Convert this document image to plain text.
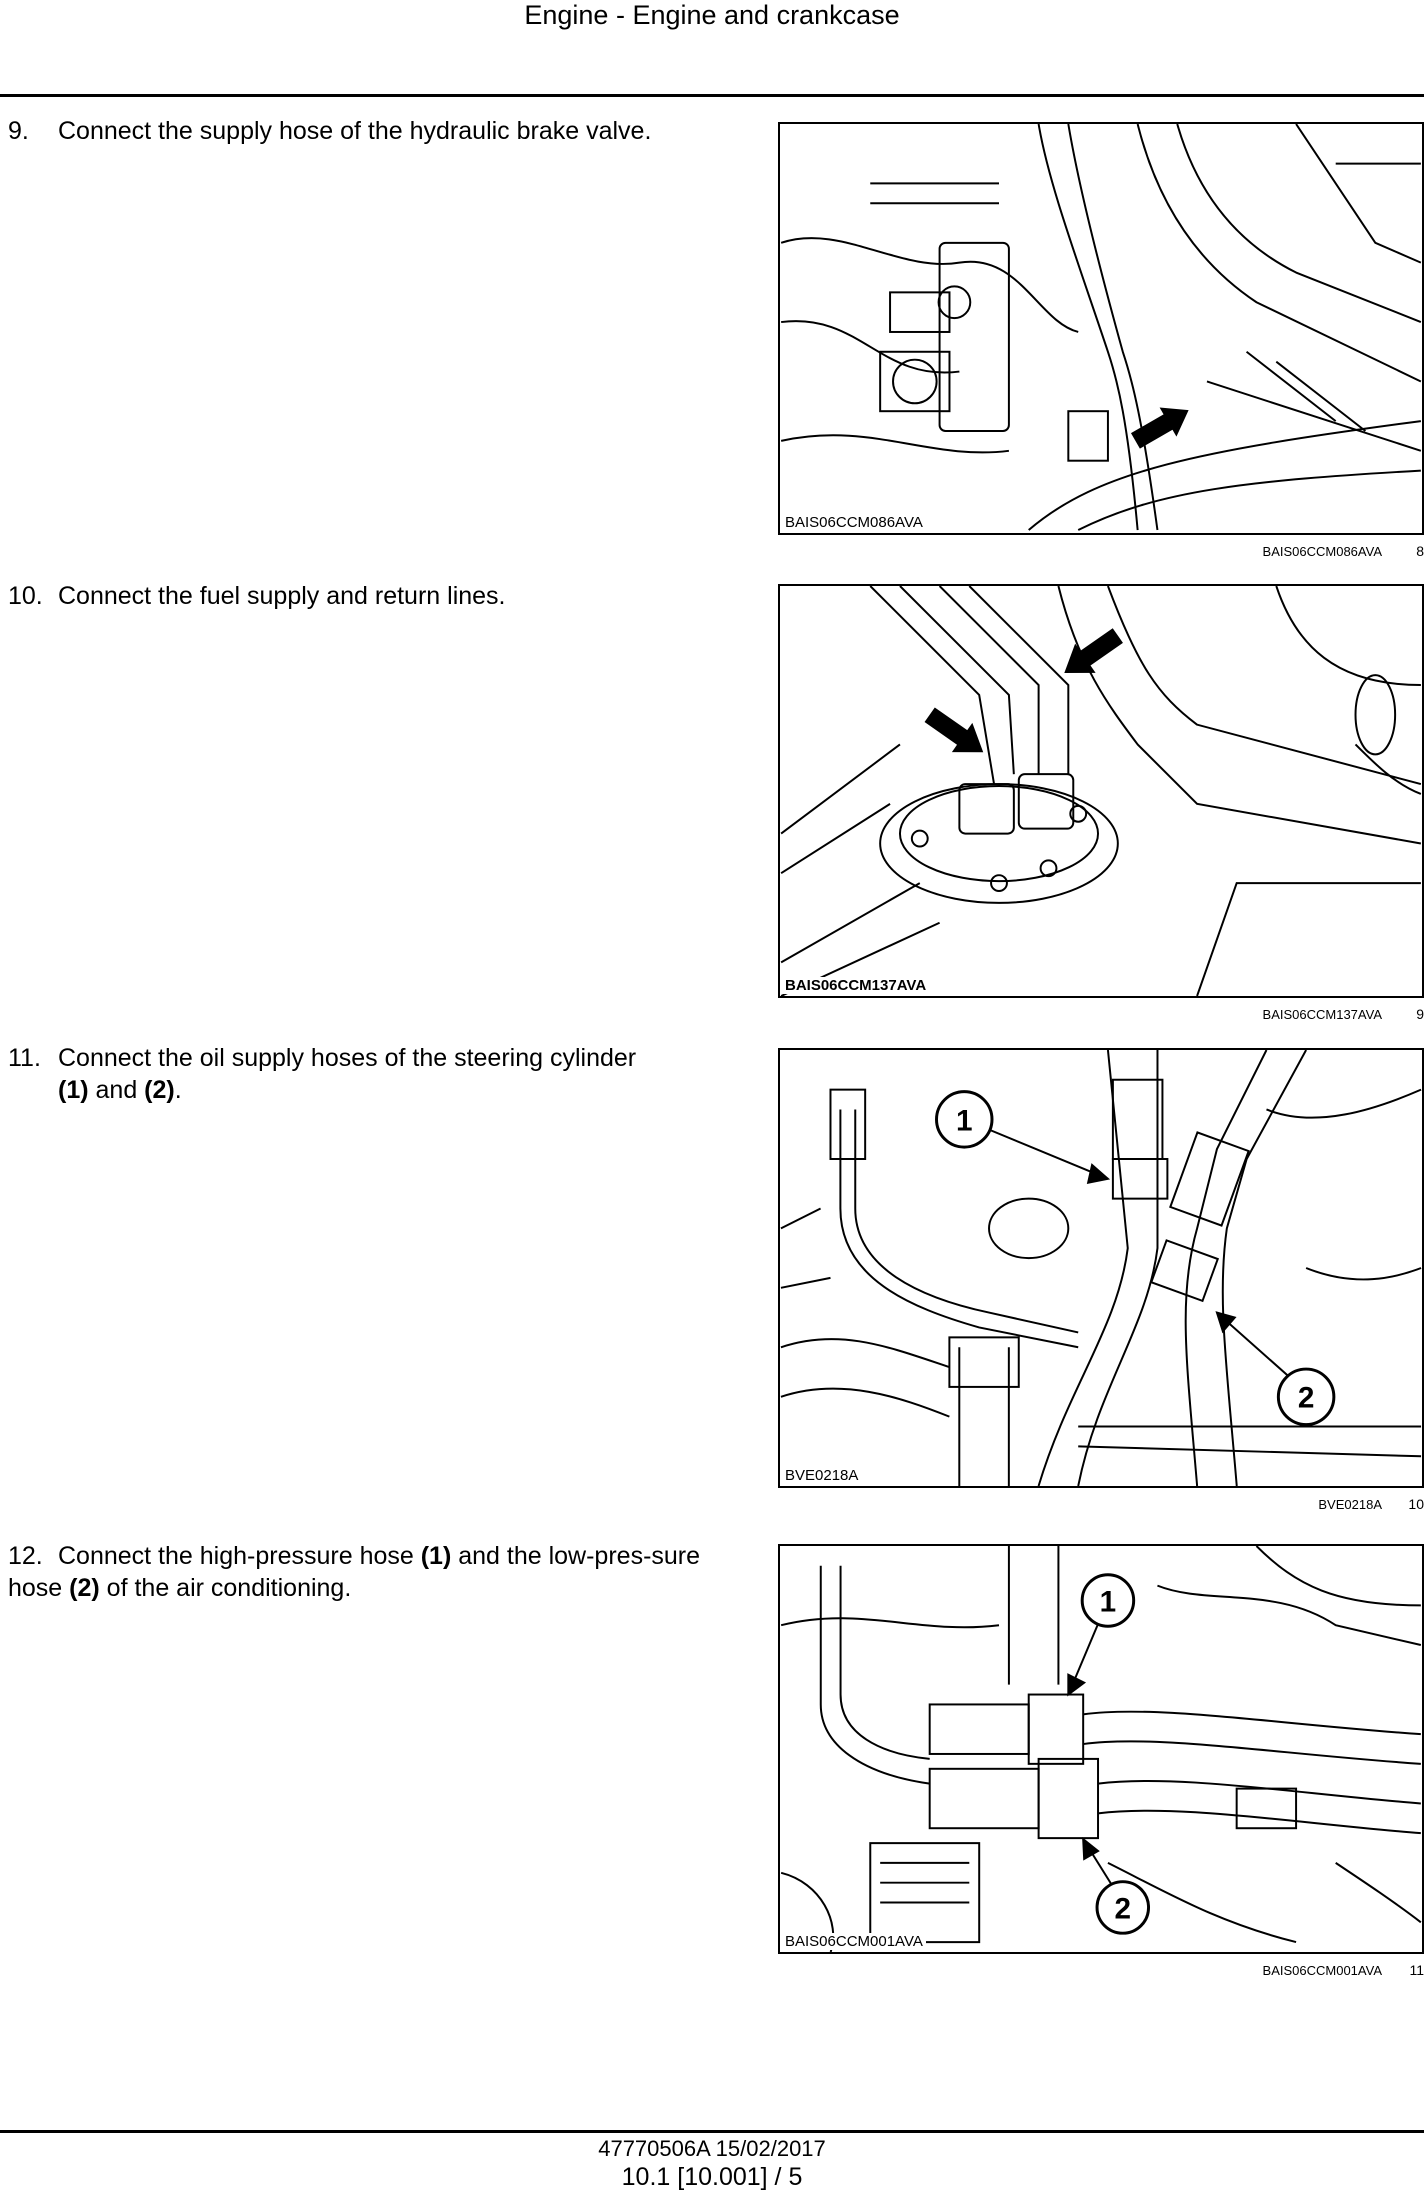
Engine - Engine and crankcase
9. Connect the supply hose of the hydraulic brake valve.
BAIS06CCM086AVA
BAIS06CCM086AVA 8
10. Connect the fuel supply and return lines.
BAIS06CCM137AVA
BAIS06CCM137AVA 9
11. Connect the oil supply hoses of the steering cylinder
(1) and (2).
1
2
BVE0218A
BVE0218A 10
12. Connect the high-pressure hose (1) and the low-pres-sure hose (2) of the air conditioning.	1
2
BAIS06CCM001AVA
BAIS06CCM001AVA 11
47770506A 15/02/2017
10.1 [10.001] / 5
